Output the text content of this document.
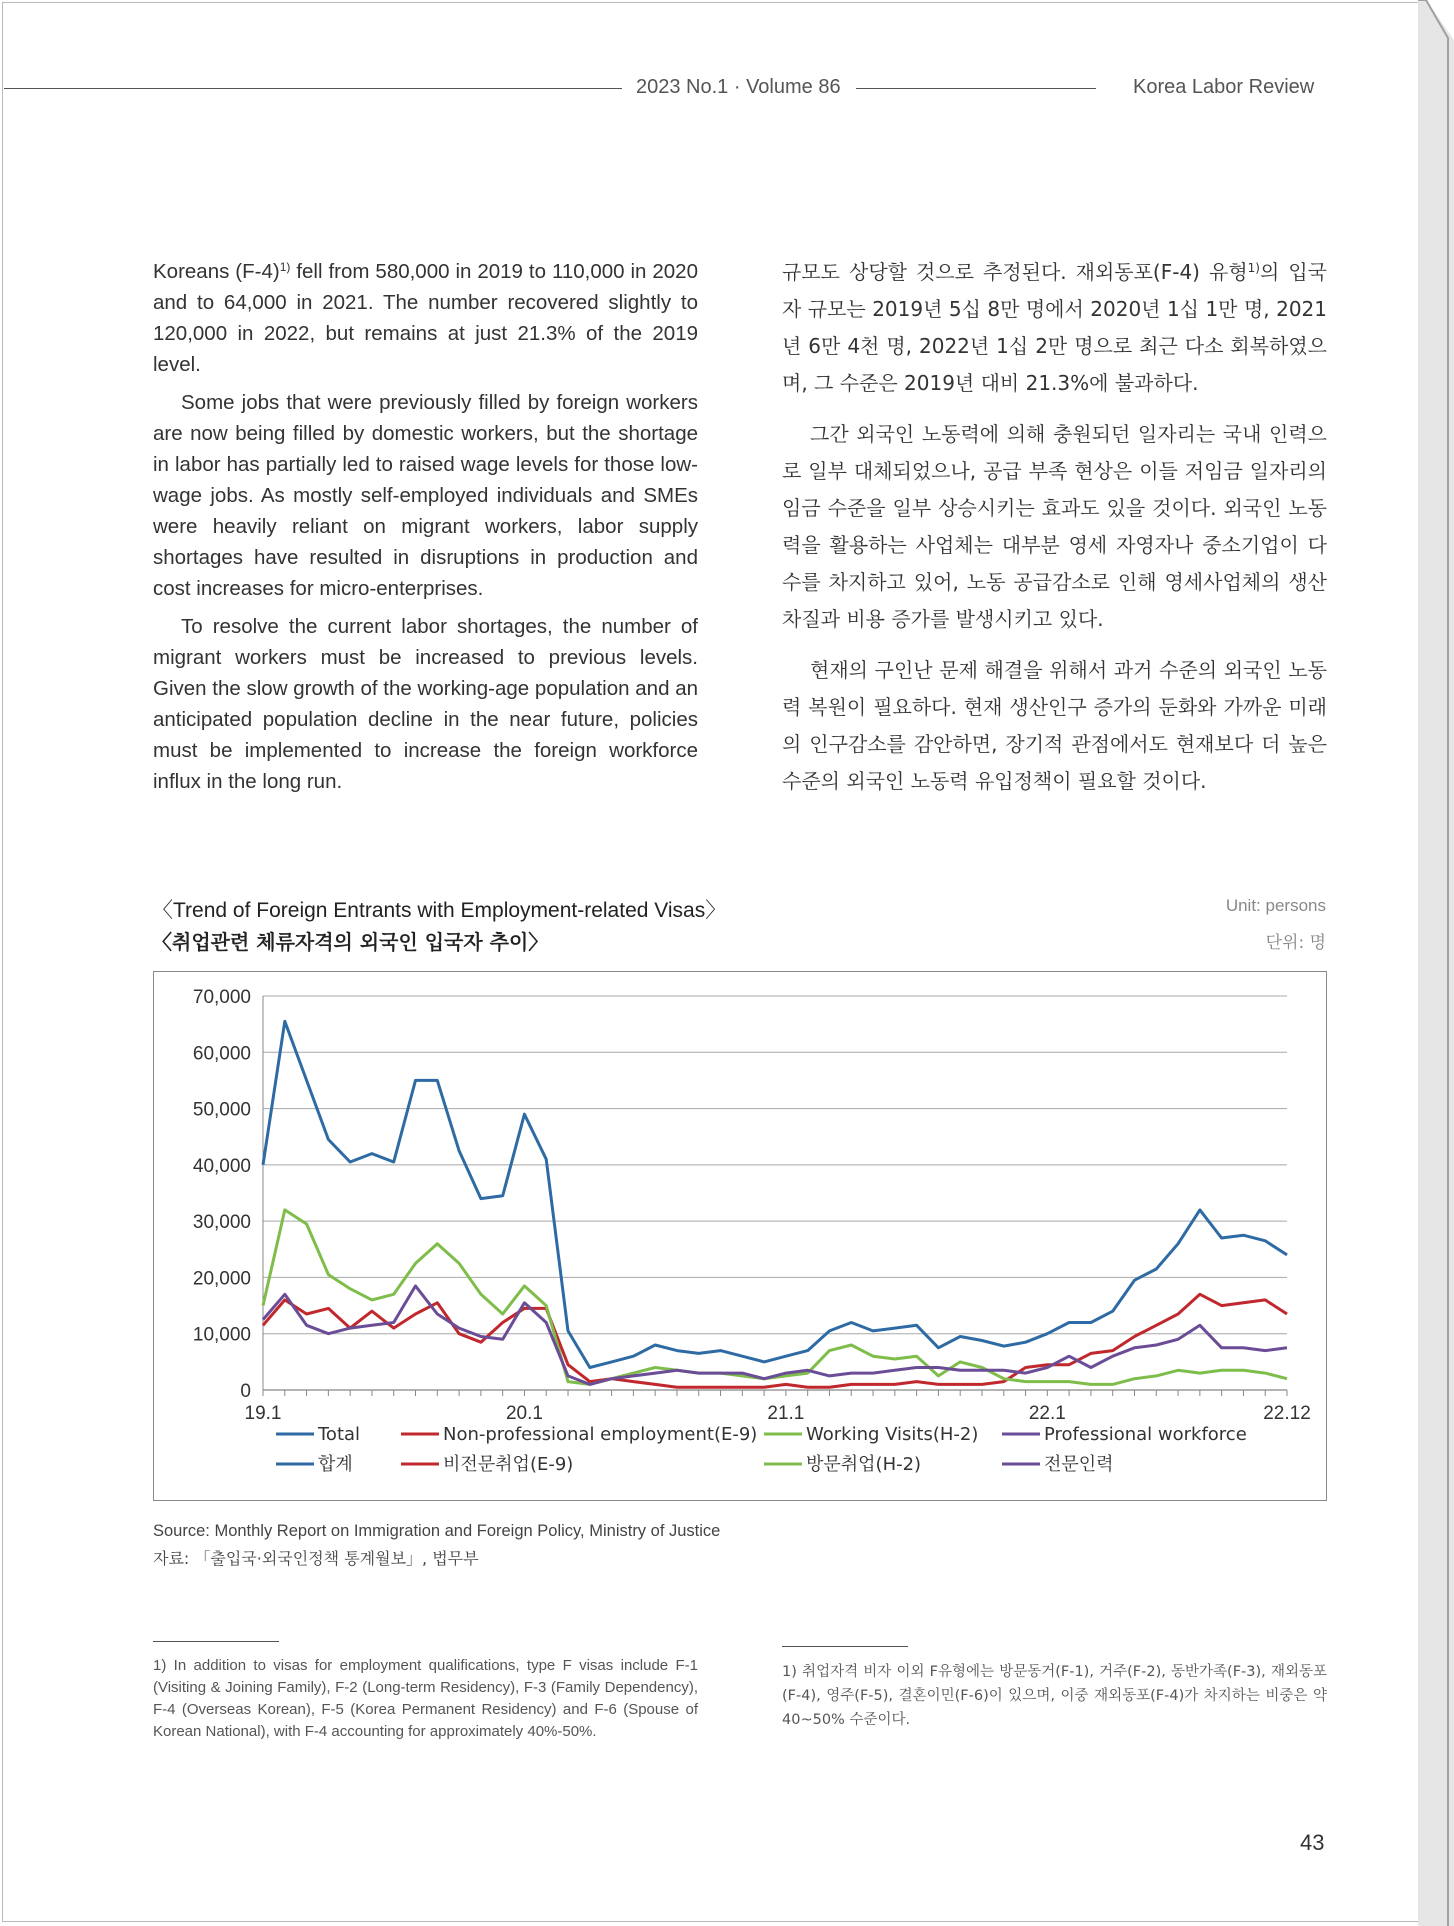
2023 No.1 · Volume 86	Korea Labor Review

Koreans $(F-4)^{1)}$ fell from 580,000 in 2019 to 110,000 in 2020 and to 64,000 in 2021. The number recovered slightly to 120,000 in 2022, but remains at just 21.3% of the 2019 level.

Some jobs that were previously filled by foreign workers are now being filled by domestic workers, but the shortage in labor has partially led to raised wage levels for those low-wage jobs. As mostly self-employed individuals and SMEs were heavily reliant on migrant workers, labor supply shortages have resulted in disruptions in production and cost increases for micro-enterprises.

To resolve the current labor shortages, the number of migrant workers must be increased to previous levels. Given the slow growth of the working-age population and an anticipated population decline in the near future, policies must be implemented to increase the foreign workforce influx in the long run.

규모도 상당할 것으로 추정된다. 재외동포(F-4) 유형$^{1)}$의 입국자 규모는 2019년 5십 8만 명에서 2020년 1십 1만 명, 2021년 6만 4천 명, 2022년 1십 2만 명으로 최근 다소 회복하였으며, 그 수준은 2019년 대비 21.3%에 불과하다.

그간 외국인 노동력에 의해 충원되던 일자리는 국내 인력으로 일부 대체되었으나, 공급 부족 현상은 이들 저임금 일자리의 임금 수준을 일부 상승시키는 효과도 있을 것이다. 외국인 노동력을 활용하는 사업체는 대부분 영세 자영자나 중소기업이 다수를 차지하고 있어, 노동 공급감소로 인해 영세사업체의 생산 차질과 비용 증가를 발생시키고 있다.

현재의 구인난 문제 해결을 위해서 과거 수준의 외국인 노동력 복원이 필요하다. 현재 생산인구 증가의 둔화와 가까운 미래의 인구감소를 감안하면, 장기적 관점에서도 현재보다 더 높은 수준의 외국인 노동력 유입정책이 필요할 것이다.

〈Trend of Foreign Entrants with Employment-related Visas〉
〈취업관련 체류자격의 외국인 입국자 추이〉
Unit: persons
단위: 명
70,000
60,000
50,000
40,000
30,000
20,000
10,000
0
19.1	20.1	21.1	22.1	22.12
Total
합계
Non-professional employment(E-9)
비전문취업(E-9)
Working Visits(H-2)
방문취업(H-2)
Professional workforce
전문인력
Source: Monthly Report on Immigration and Foreign Policy, Ministry of Justice
자료: 「출입국·외국인정책 통계월보」, 법무부
1) In addition to visas for employment qualifications, type F visas include F-1 (Visiting & Joining Family), F-2 (Long-term Residency), F-3 (Family Dependency), F-4 (Overseas Korean), F-5 (Korea Permanent Residency) and F-6 (Spouse of Korean National), with F-4 accounting for approximately 40%-50%.
1) 취업자격 비자 이외 F유형에는 방문동거(F-1), 거주(F-2), 동반가족(F-3), 재외동포(F-4), 영주(F-5), 결혼이민(F-6)이 있으며, 이중 재외동포(F-4)가 차지하는 비중은 약 40~50% 수준이다.
43
